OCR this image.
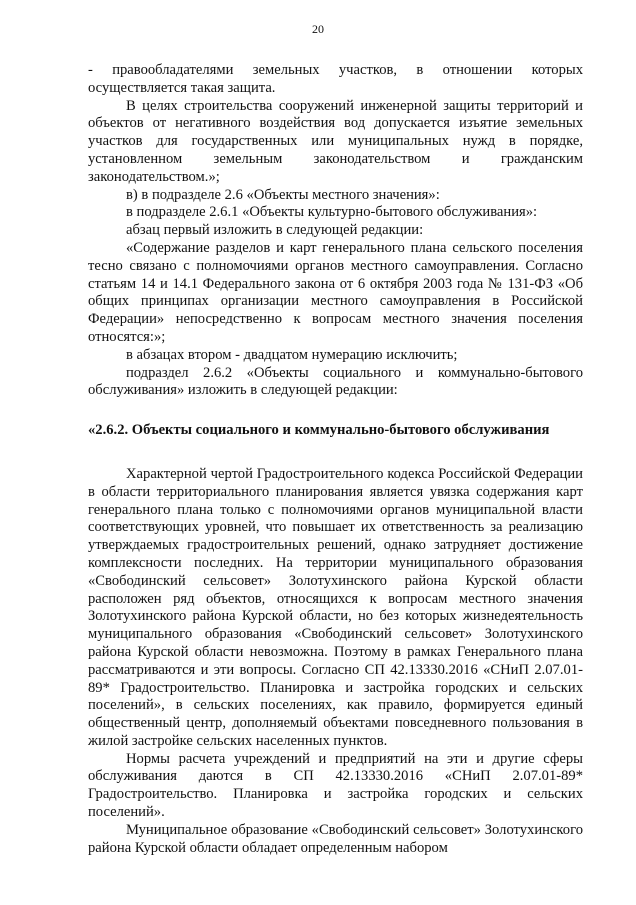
20

- правообладателями земельных участков, в отношении которых осуществляется такая защита.

В целях строительства сооружений инженерной защиты территорий и объектов от негативного воздействия вод допускается изъятие земельных участков для государственных или муниципальных нужд в порядке, установленном земельным законодательством и гражданским законодательством.»;

в) в подразделе 2.6 «Объекты местного значения»:

в подразделе 2.6.1 «Объекты культурно-бытового обслуживания»:

абзац первый изложить в следующей редакции:

«Содержание разделов и карт генерального плана сельского поселения тесно связано с полномочиями органов местного самоуправления. Согласно статьям 14 и 14.1 Федерального закона от 6 октября 2003 года № 131-ФЗ «Об общих принципах организации местного самоуправления в Российской Федерации» непосредственно к вопросам местного значения поселения относятся:»;

в абзацах втором - двадцатом нумерацию исключить;

подраздел 2.6.2 «Объекты социального и коммунально-бытового обслуживания» изложить в следующей редакции:

«2.6.2. Объекты социального и коммунально-бытового обслуживания

Характерной чертой Градостроительного кодекса Российской Федерации в области территориального планирования является увязка содержания карт генерального плана только с полномочиями органов муниципальной власти соответствующих уровней, что повышает их ответственность за реализацию утверждаемых градостроительных решений, однако затрудняет достижение комплексности последних. На территории муниципального образования «Свободинский сельсовет» Золотухинского района Курской области расположен ряд объектов, относящихся к вопросам местного значения Золотухинского района Курской области, но без которых жизнедеятельность муниципального образования «Свободинский сельсовет» Золотухинского района Курской области невозможна. Поэтому в рамках Генерального плана рассматриваются и эти вопросы. Согласно СП 42.13330.2016 «СНиП 2.07.01-89* Градостроительство. Планировка и застройка городских и сельских поселений», в сельских поселениях, как правило, формируется единый общественный центр, дополняемый объектами повседневного пользования в жилой застройке сельских населенных пунктов.

Нормы расчета учреждений и предприятий на эти и другие сферы обслуживания даются в СП 42.13330.2016 «СНиП 2.07.01-89* Градостроительство. Планировка и застройка городских и сельских поселений».

Муниципальное образование «Свободинский сельсовет» Золотухинского района Курской области обладает определенным набором
